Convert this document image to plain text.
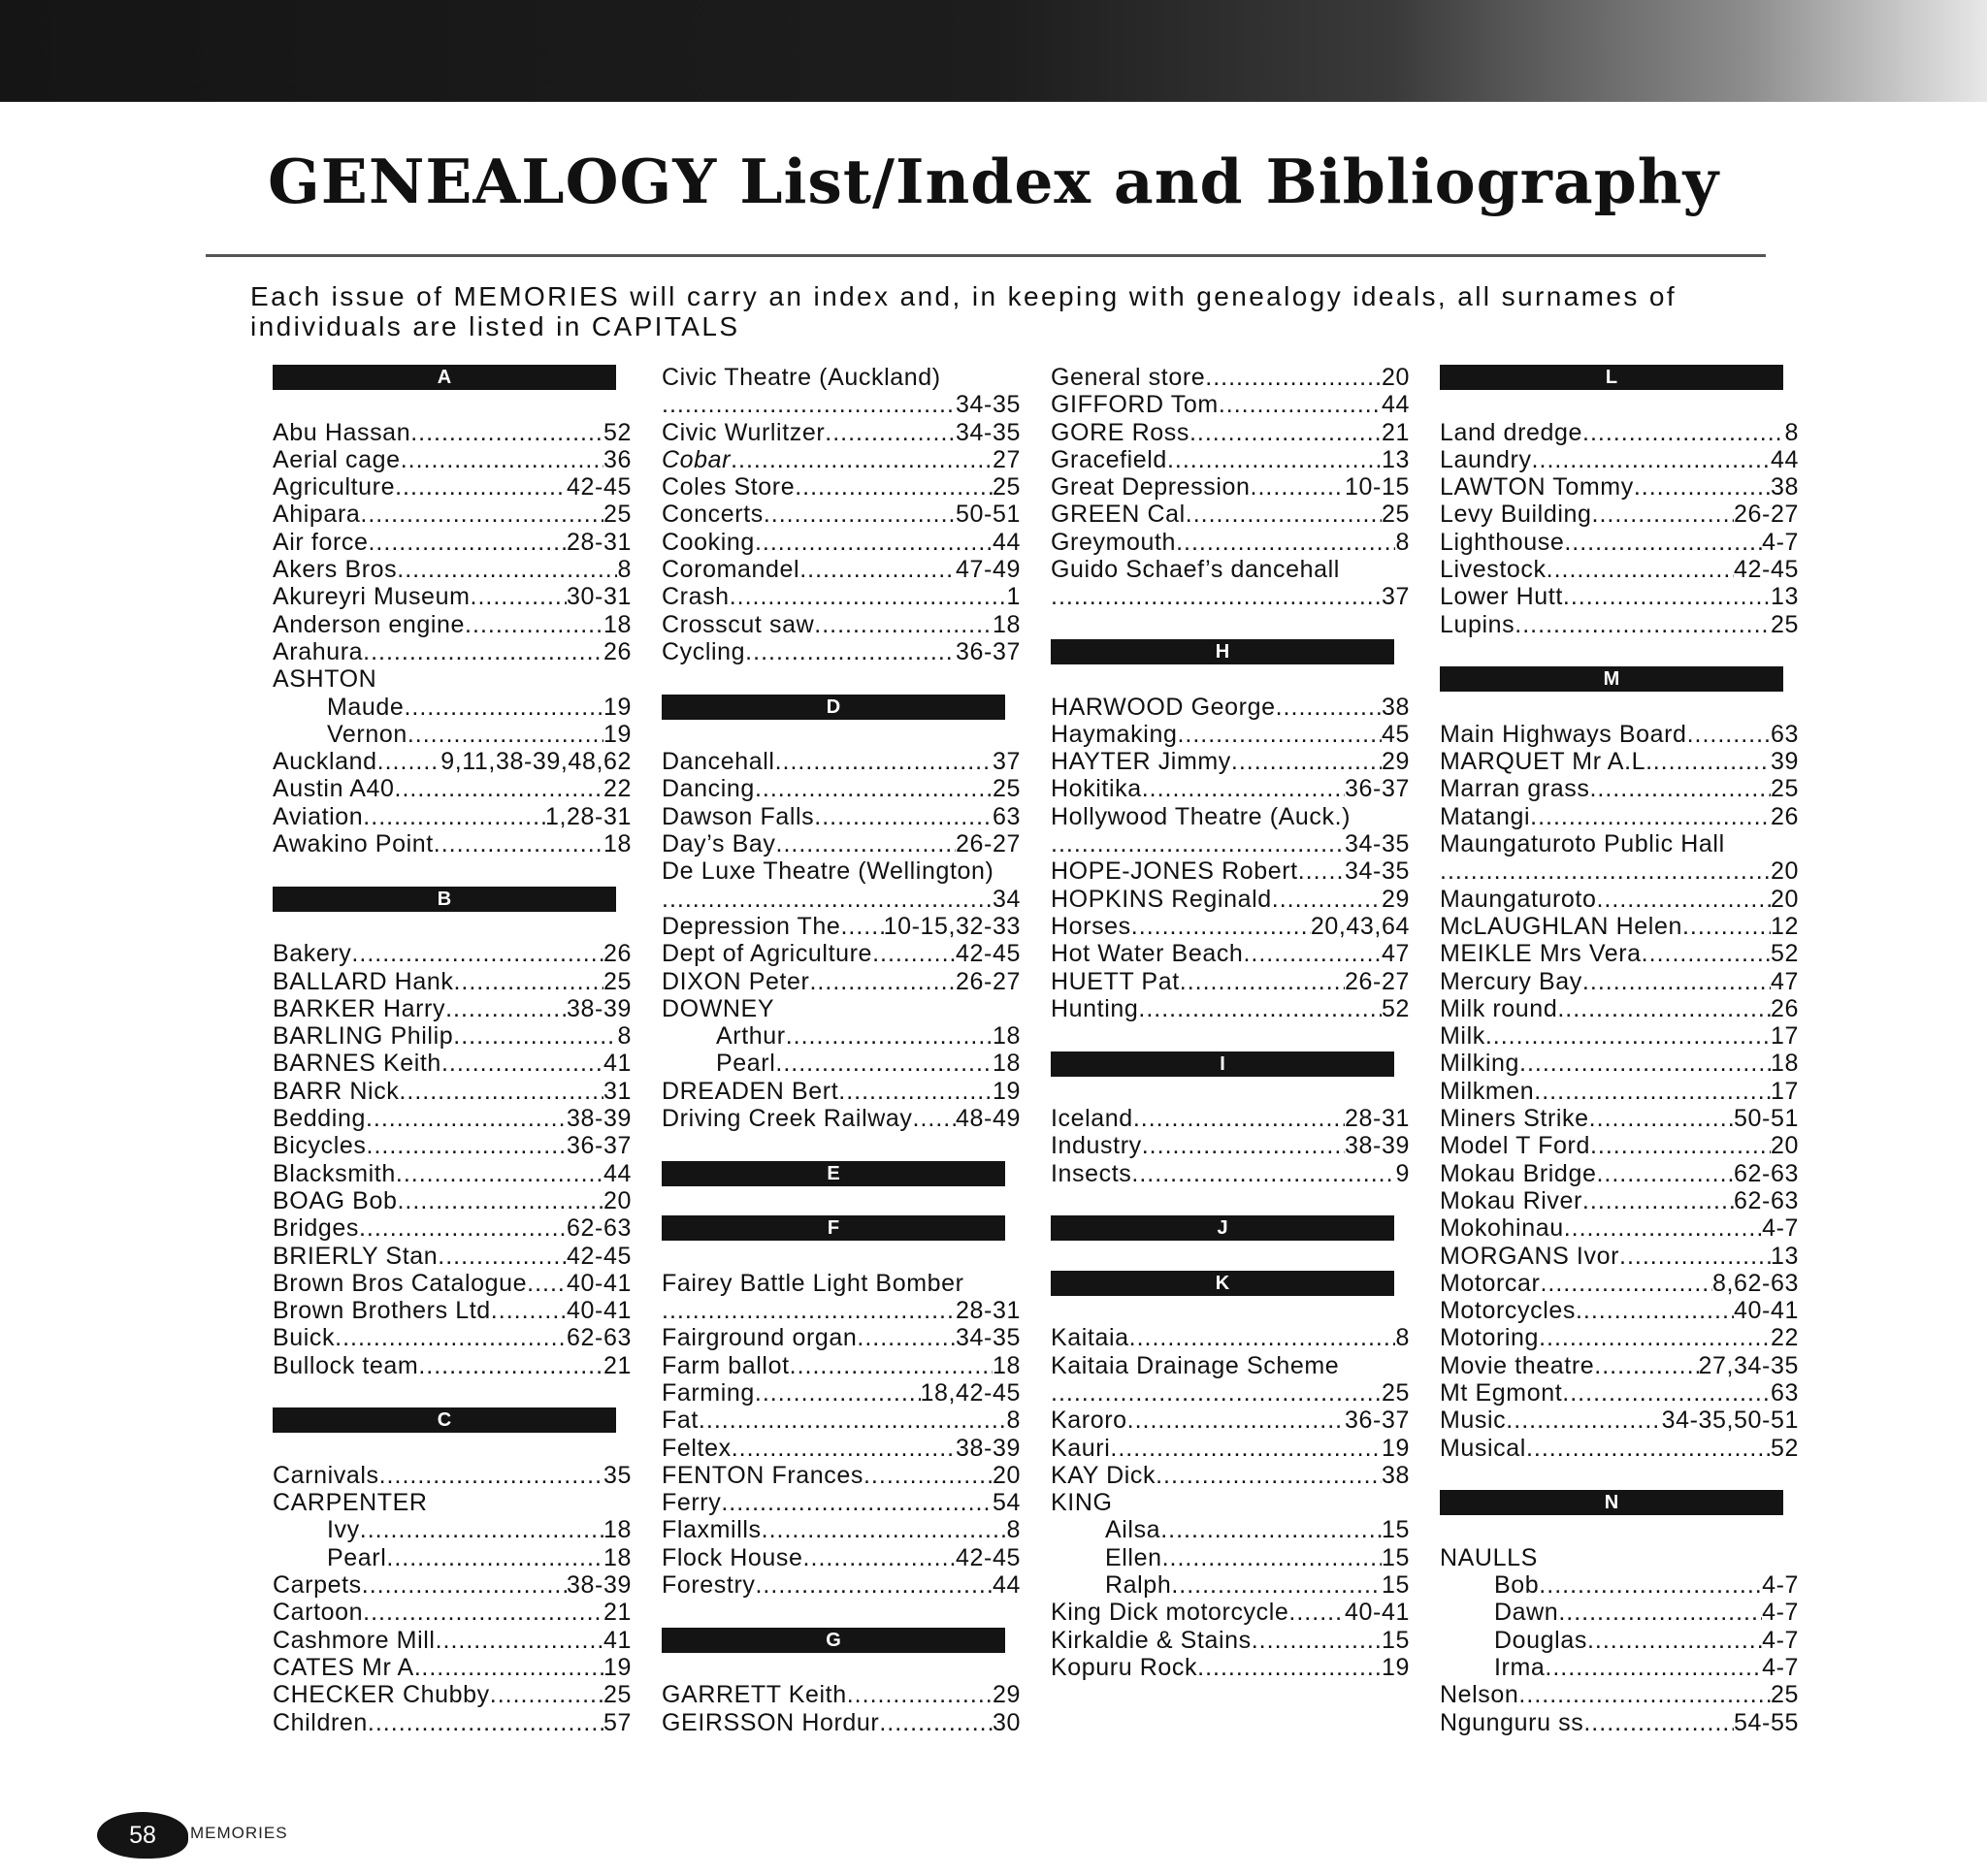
GENEALOGY List/Index and Bibliography

Each issue of MEMORIES will carry an index and, in keeping with genealogy ideals, all surnames of individuals are listed in CAPITALS

A
Abu Hassan .....	52
Aerial cage .....	36
Agriculture .....	42-45
Ahipara .....	25
Air force .....	28-31
Akers Bros .....	8
Akureyri Museum .....	30-31
Anderson engine .....	18
Arahura .....	26
ASHTON
Maude .....	19
Vernon .....	19
Auckland .....	9,11,38-39,48,62
Austin A40 .....	22
Aviation .....	1,28-31
Awakino Point .....	18
B
Bakery .....	26
BALLARD Hank .....	25
BARKER Harry .....	38-39
BARLING Philip .....	8
BARNES Keith .....	41
BARR Nick .....	31
Bedding .....	38-39
Bicycles .....	36-37
Blacksmith .....	44
BOAG Bob .....	20
Bridges .....	62-63
BRIERLY Stan .....	42-45
Brown Bros Catalogue ..... 40-41
Brown Brothers Ltd .....	40-41
Buick .....	62-63
Bullock team .....	21
C
Carnivals .....	35
CARPENTER
Ivy .....	18
Pearl .....	18
Carpets .....	38-39
Cartoon .....	21
Cashmore Mill .....	41
CATES Mr A. .....	19
CHECKER Chubby .....	25
Children .....	57
Civic Theatre (Auckland)
.....
34-35
Civic Wurlitzer .....	34-35
Cobar .....	27
Coles Store .....	25
Concerts .....	50-51
Cooking .....	44
Coromandel .....	47-49
Crash .....	1
Crosscut saw .....	18
Cycling .....	36-37
D
Dancehall .....	37
Dancing .....	25
Dawson Falls .....	63
Day’s Bay .....	26-27
De Luxe Theatre (Wellington)
.....
34
Depression The ..... 10-15,32-33
Dept of Agriculture .....	42-45
DIXON Peter .....	26-27
DOWNEY
Arthur .....	18
Pearl .....	18
DREADEN Bert .....	19
Driving Creek Railway ..... 48-49
E
F
Fairey Battle Light Bomber
.....
28-31
Fairground organ .....	34-35
Farm ballot .....	18
Farming .....	18,42-45
Fat .....	8
Feltex .....	38-39
FENTON Frances .....	20
Ferry .....	54
Flaxmills .....	8
Flock House .....	42-45
Forestry .....	44
G
GARRETT Keith .....	29
GEIRSSON Hordur .....	30
General store .....	20
GIFFORD Tom .....	44
GORE Ross .....	21
Gracefield .....	13
Great Depression .....	10-15
GREEN Cal .....	25
Greymouth .....	8
Guido Schaef’s dancehall
.....
37
H
HARWOOD George .....	38
Haymaking .....	45
HAYTER Jimmy .....	29
Hokitika .....	36-37
Hollywood Theatre (Auck.)
.....
34-35
HOPE-JONES Robert ..... 34-35
HOPKINS Reginald .....	29
Horses .....	20,43,64
Hot Water Beach .....	47
HUETT Pat .....	26-27
Hunting .....	52
I
Iceland .....	28-31
Industry .....	38-39
Insects .....	9
J
K
Kaitaia .....	8
Kaitaia Drainage Scheme
.....
25
Karoro .....	36-37
Kauri .....	19
KAY Dick .....	38
KING
Ailsa .....	15
Ellen .....	15
Ralph .....	15
King Dick motorcycle ..... 40-41
Kirkaldie & Stains .....	15
Kopuru Rock .....	19
L
Land dredge .....	8
Laundry .....	44
LAWTON Tommy .....	38
Levy Building .....	26-27
Lighthouse .....	4-7
Livestock .....	42-45
Lower Hutt .....	13
Lupins .....	25
M
Main Highways Board .....	63
MARQUET Mr A.L. .....	39
Marran grass .....	25
Matangi .....	26
Maungaturoto Public Hall
.....
20
Maungaturoto .....	20
McLAUGHLAN Helen .....	12
MEIKLE Mrs Vera .....	52
Mercury Bay .....	47
Milk round .....	26
Milk .....	17
Milking .....	18
Milkmen .....	17
Miners Strike .....	50-51
Model T Ford .....	20
Mokau Bridge .....	62-63
Mokau River .....	62-63
Mokohinau .....	4-7
MORGANS Ivor .....	13
Motorcar .....	8,62-63
Motorcycles .....	40-41
Motoring .....	22
Movie theatre .....	27,34-35
Mt Egmont .....	63
Music .....	34-35,50-51
Musical .....	52
N
NAULLS
Bob .....	4-7
Dawn .....	4-7
Douglas .....	4-7
Irma .....	4-7
Nelson .....	25
Ngunguru ss .....	54-55
58	MEMORIES
